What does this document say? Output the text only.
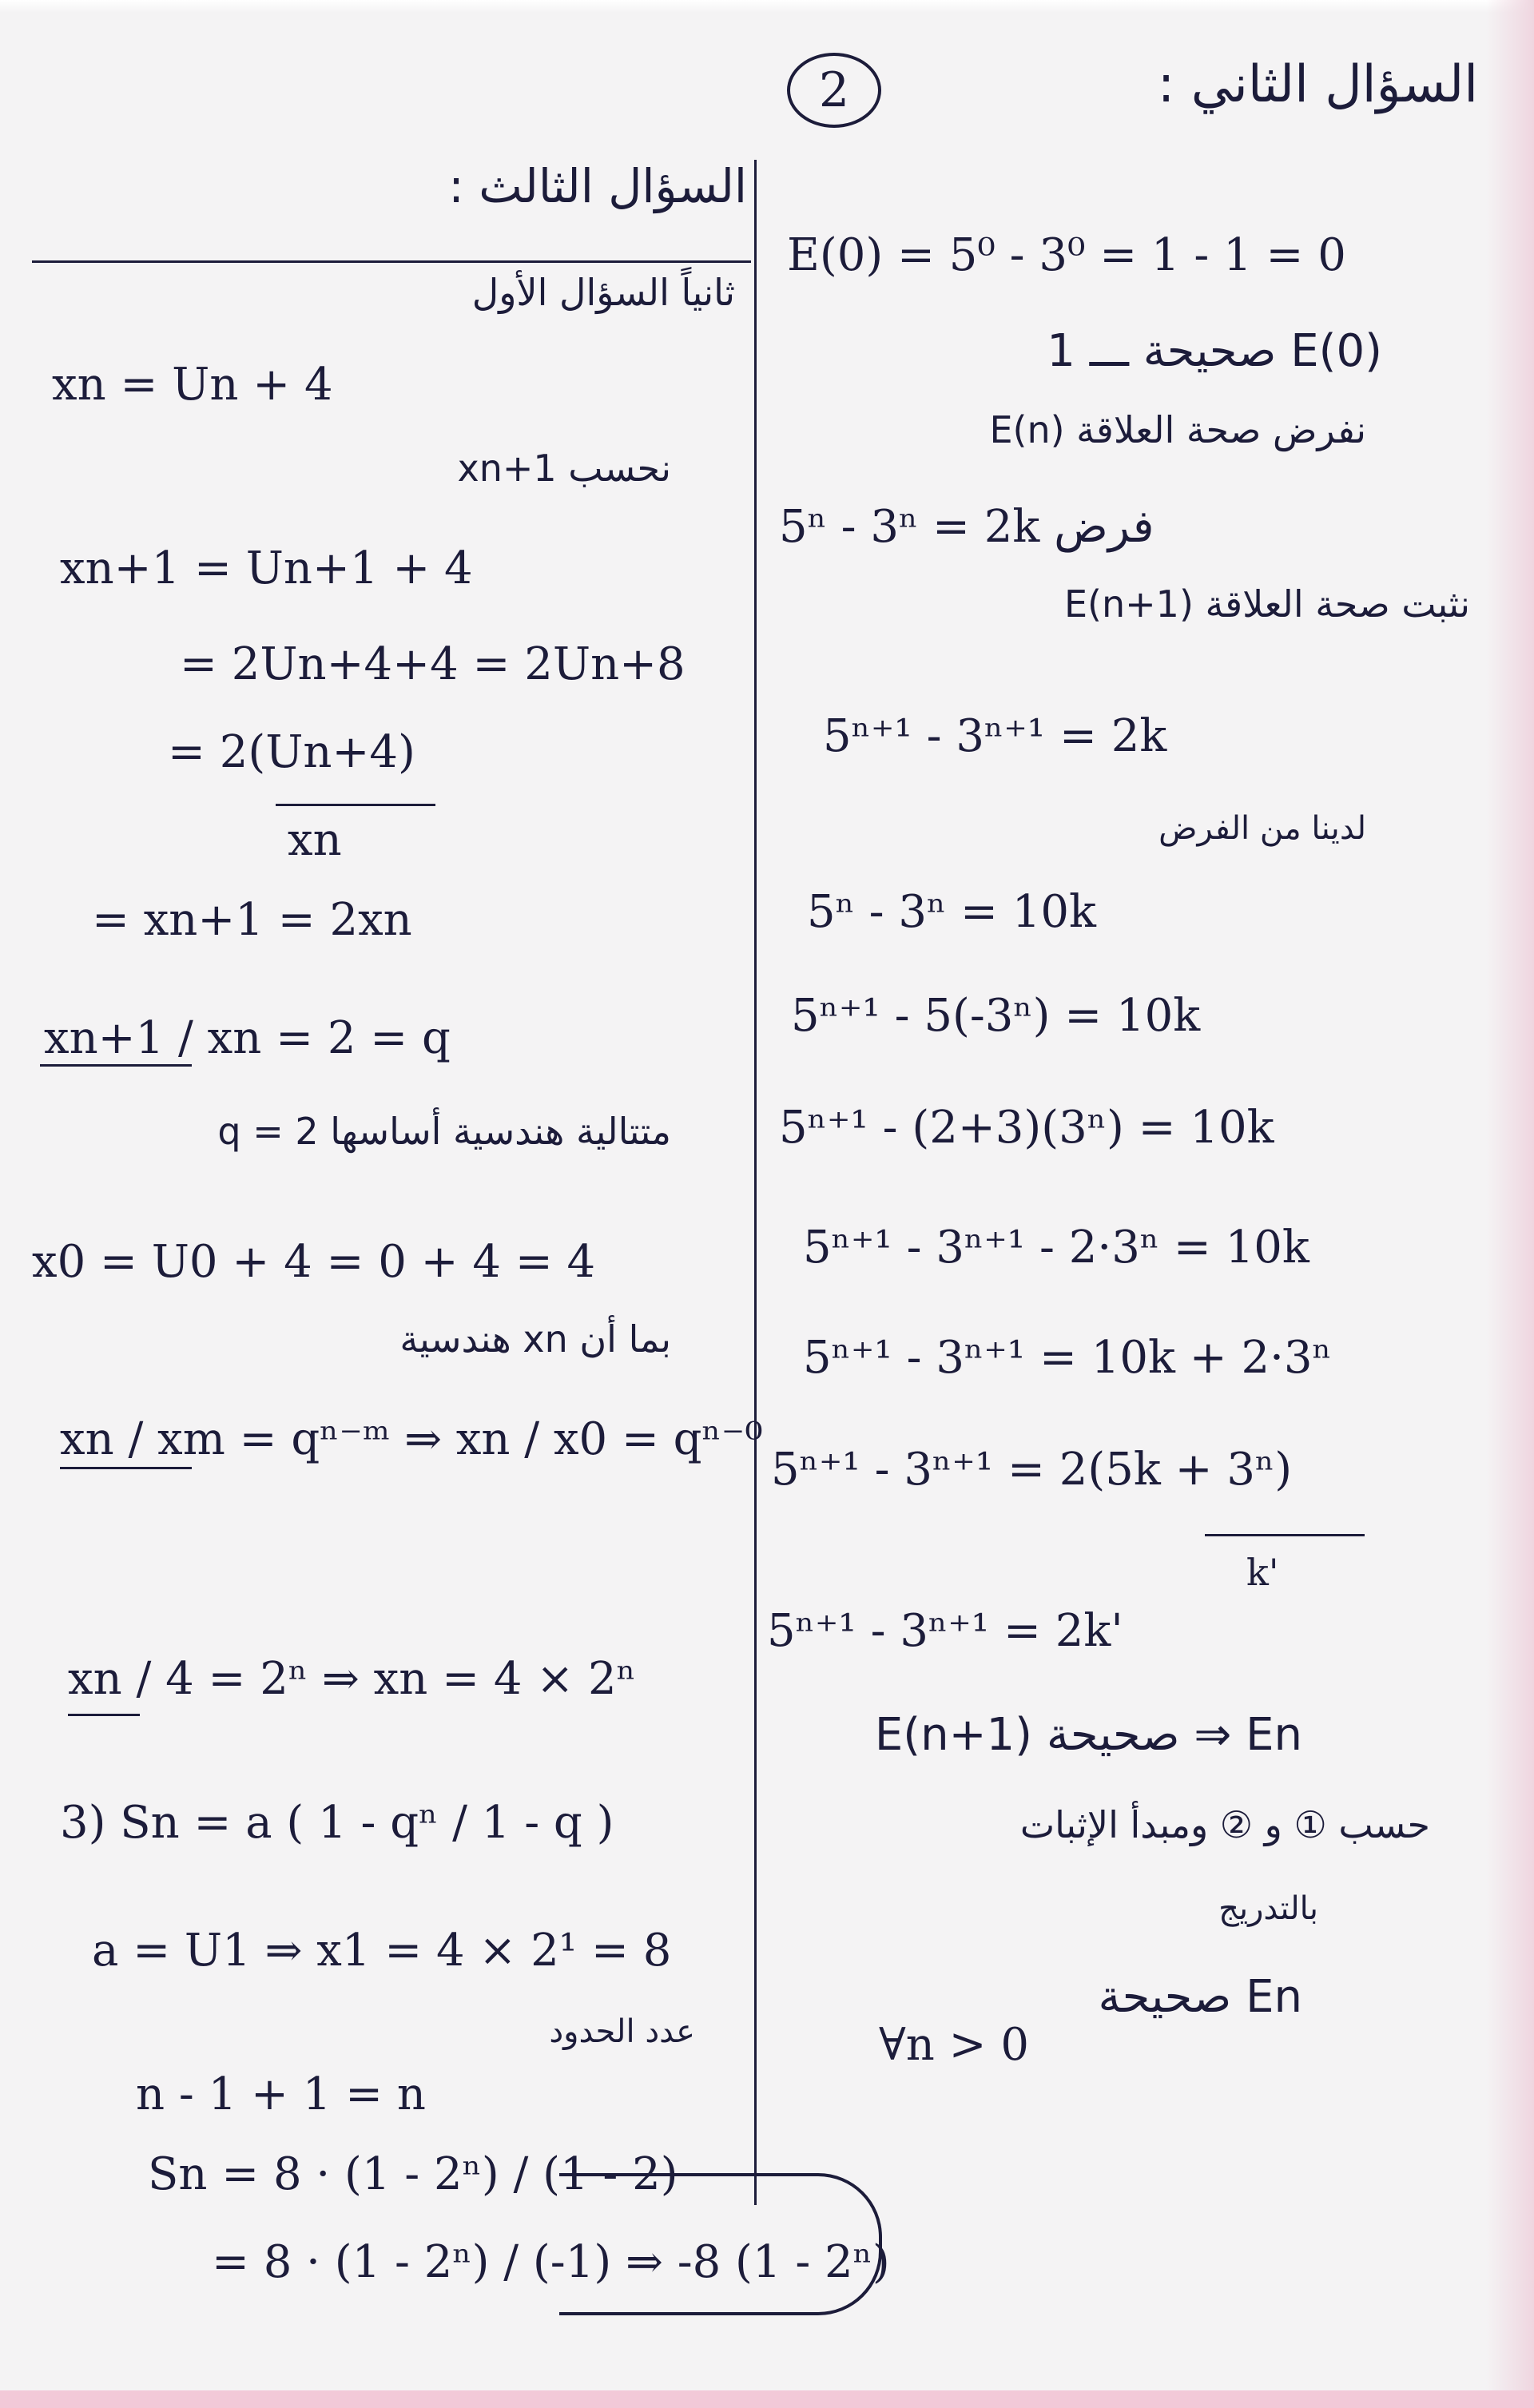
2	السؤال الثاني :
E(0) = 5⁰ - 3⁰ = 1 - 1 = 0
E(0) صحيحة ـــ 1
نفرض صحة العلاقة E(n)
5ⁿ - 3ⁿ = 2k فرض
نثبت صحة العلاقة E(n+1)
5ⁿ⁺¹ - 3ⁿ⁺¹ = 2k
لدينا من الفرض
5ⁿ - 3ⁿ = 10k
5ⁿ⁺¹ - 5(-3ⁿ) = 10k
5ⁿ⁺¹ - (2+3)(3ⁿ) = 10k
5ⁿ⁺¹ - 3ⁿ⁺¹ - 2·3ⁿ = 10k
5ⁿ⁺¹ - 3ⁿ⁺¹ = 10k + 2·3ⁿ
5ⁿ⁺¹ - 3ⁿ⁺¹ = 2(5k + 3ⁿ)
k'
5ⁿ⁺¹ - 3ⁿ⁺¹ = 2k'
En ⇒ صحيحة E(n+1)
حسب ① و ② ومبدأ الإثبات
بالتدريج
En صحيحة
∀n > 0
السؤال الثالث :
ثانياً السؤال الأول
xn = Un + 4
نحسب xn+1
xn+1 = Un+1 + 4
= 2Un+4+4 = 2Un+8
= 2(Un+4)
xn
= xn+1 = 2xn
xn+1 / xn = 2 = q
متتالية هندسية أساسها q = 2
x0 = U0 + 4 = 0 + 4 = 4
بما أن xn هندسية
xn / xm = qⁿ⁻ᵐ ⇒ xn / x0 = qⁿ⁻⁰
xn / 4 = 2ⁿ ⇒ xn = 4 × 2ⁿ
3) Sn = a ( 1 - qⁿ / 1 - q )
a = U1 ⇒ x1 = 4 × 2¹ = 8
عدد الحدود
n - 1 + 1 = n
Sn = 8 · (1 - 2ⁿ) / (1 - 2)
= 8 · (1 - 2ⁿ) / (-1) ⇒ -8 (1 - 2ⁿ)
